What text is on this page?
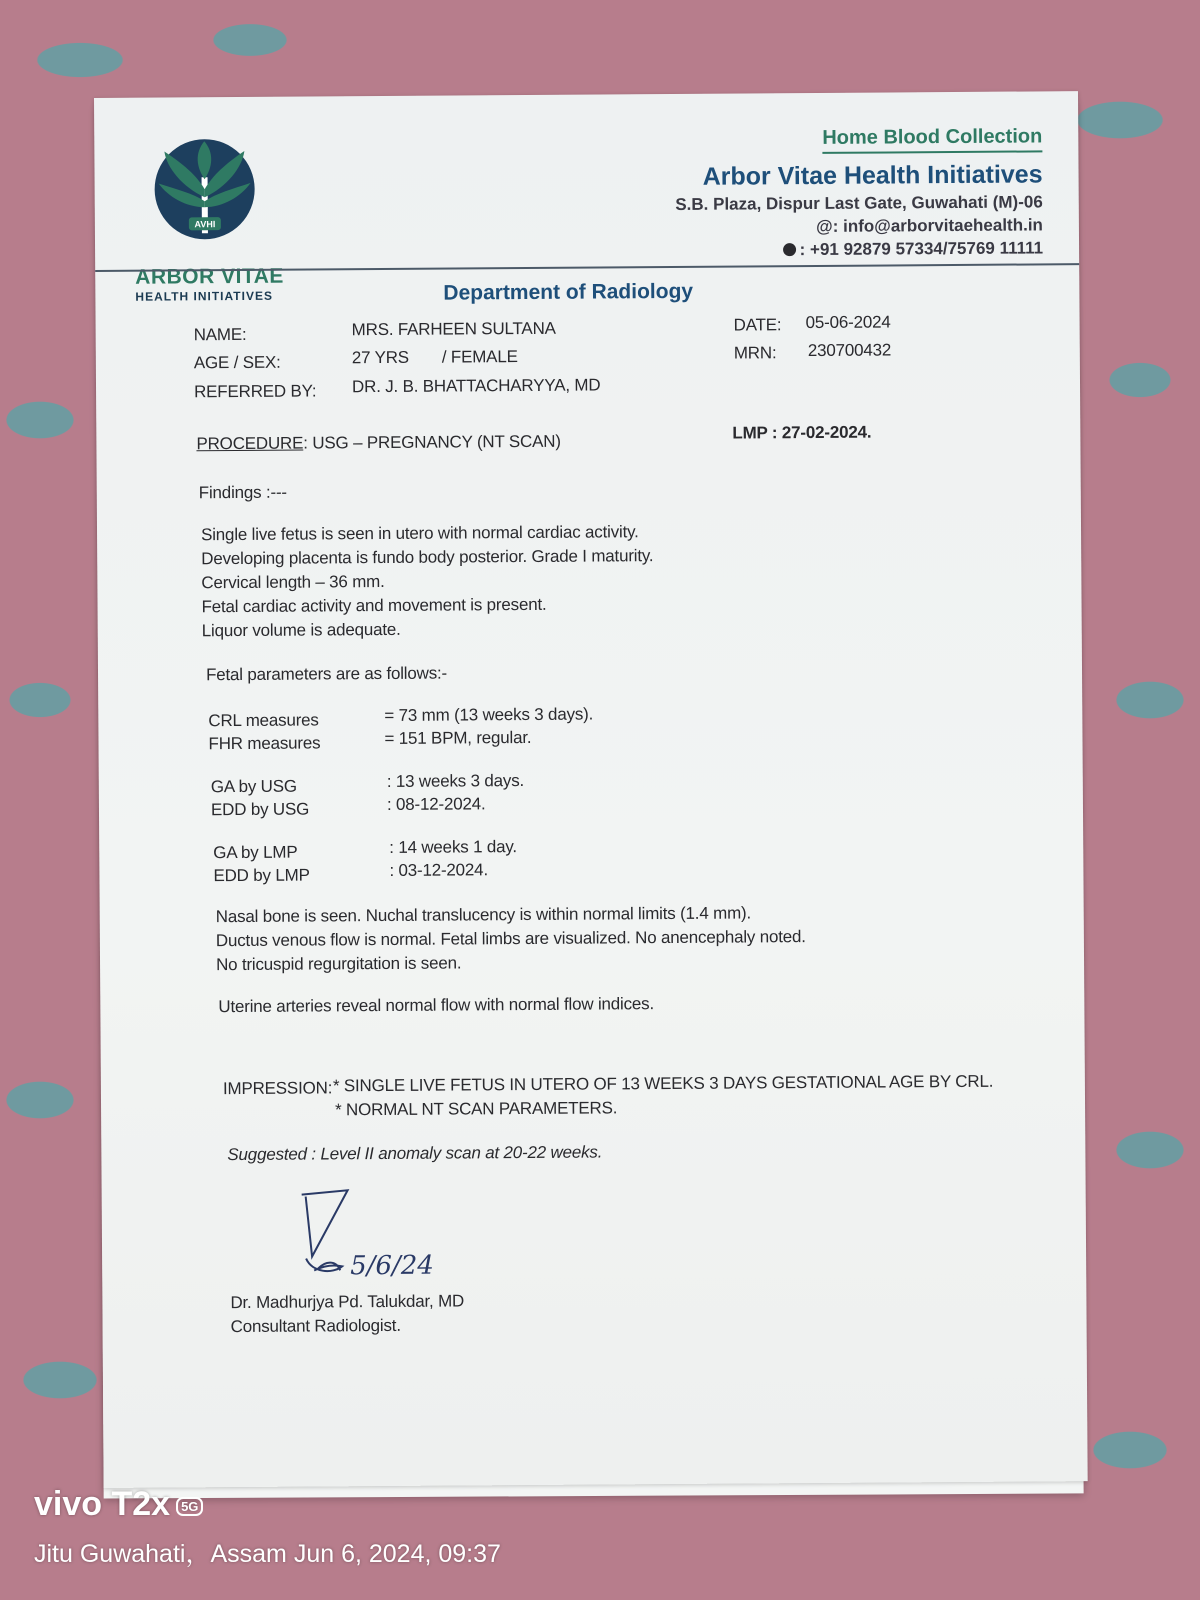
AVHI
ARBOR VITAE
HEALTH INITIATIVES
Home Blood Collection
Arbor Vitae Health Initiatives
S.B. Plaza, Dispur Last Gate, Guwahati (M)-06
@: info@arborvitaehealth.in
: +91 92879 57334/75769 11111
Department of Radiology
NAME:	MRS. FARHEEN SULTANA
AGE / SEX:	27 YRS / FEMALE
REFERRED BY: DR. J. B. BHATTACHARYYA, MD
DATE: 05-06-2024
MRN: 230700432
PROCEDURE: USG – PREGNANCY (NT SCAN)	LMP : 27-02-2024.
Findings :---
Single live fetus is seen in utero with normal cardiac activity.
Developing placenta is fundo body posterior. Grade I maturity.
Cervical length – 36 mm.
Fetal cardiac activity and movement is present.
Liquor volume is adequate.
Fetal parameters are as follows:-
CRL measures	= 73 mm (13 weeks 3 days).
FHR measures	= 151 BPM, regular.
GA by USG	: 13 weeks 3 days.
EDD by USG	: 08-12-2024.
GA by LMP	: 14 weeks 1 day.
EDD by LMP	: 03-12-2024.
Nasal bone is seen. Nuchal translucency is within normal limits (1.4 mm).
Ductus venous flow is normal. Fetal limbs are visualized. No anencephaly noted.
No tricuspid regurgitation is seen.
Uterine arteries reveal normal flow with normal flow indices.
IMPRESSION: * SINGLE LIVE FETUS IN UTERO OF 13 WEEKS 3 DAYS GESTATIONAL AGE BY CRL.
* NORMAL NT SCAN PARAMETERS.
Suggested : Level II anomaly scan at 20-22 weeks.
5/6/24
Dr. Madhurjya Pd. Talukdar, MD
Consultant Radiologist.
vivo T2x 5G
Jitu Guwahati，Assam Jun 6, 2024, 09:37
